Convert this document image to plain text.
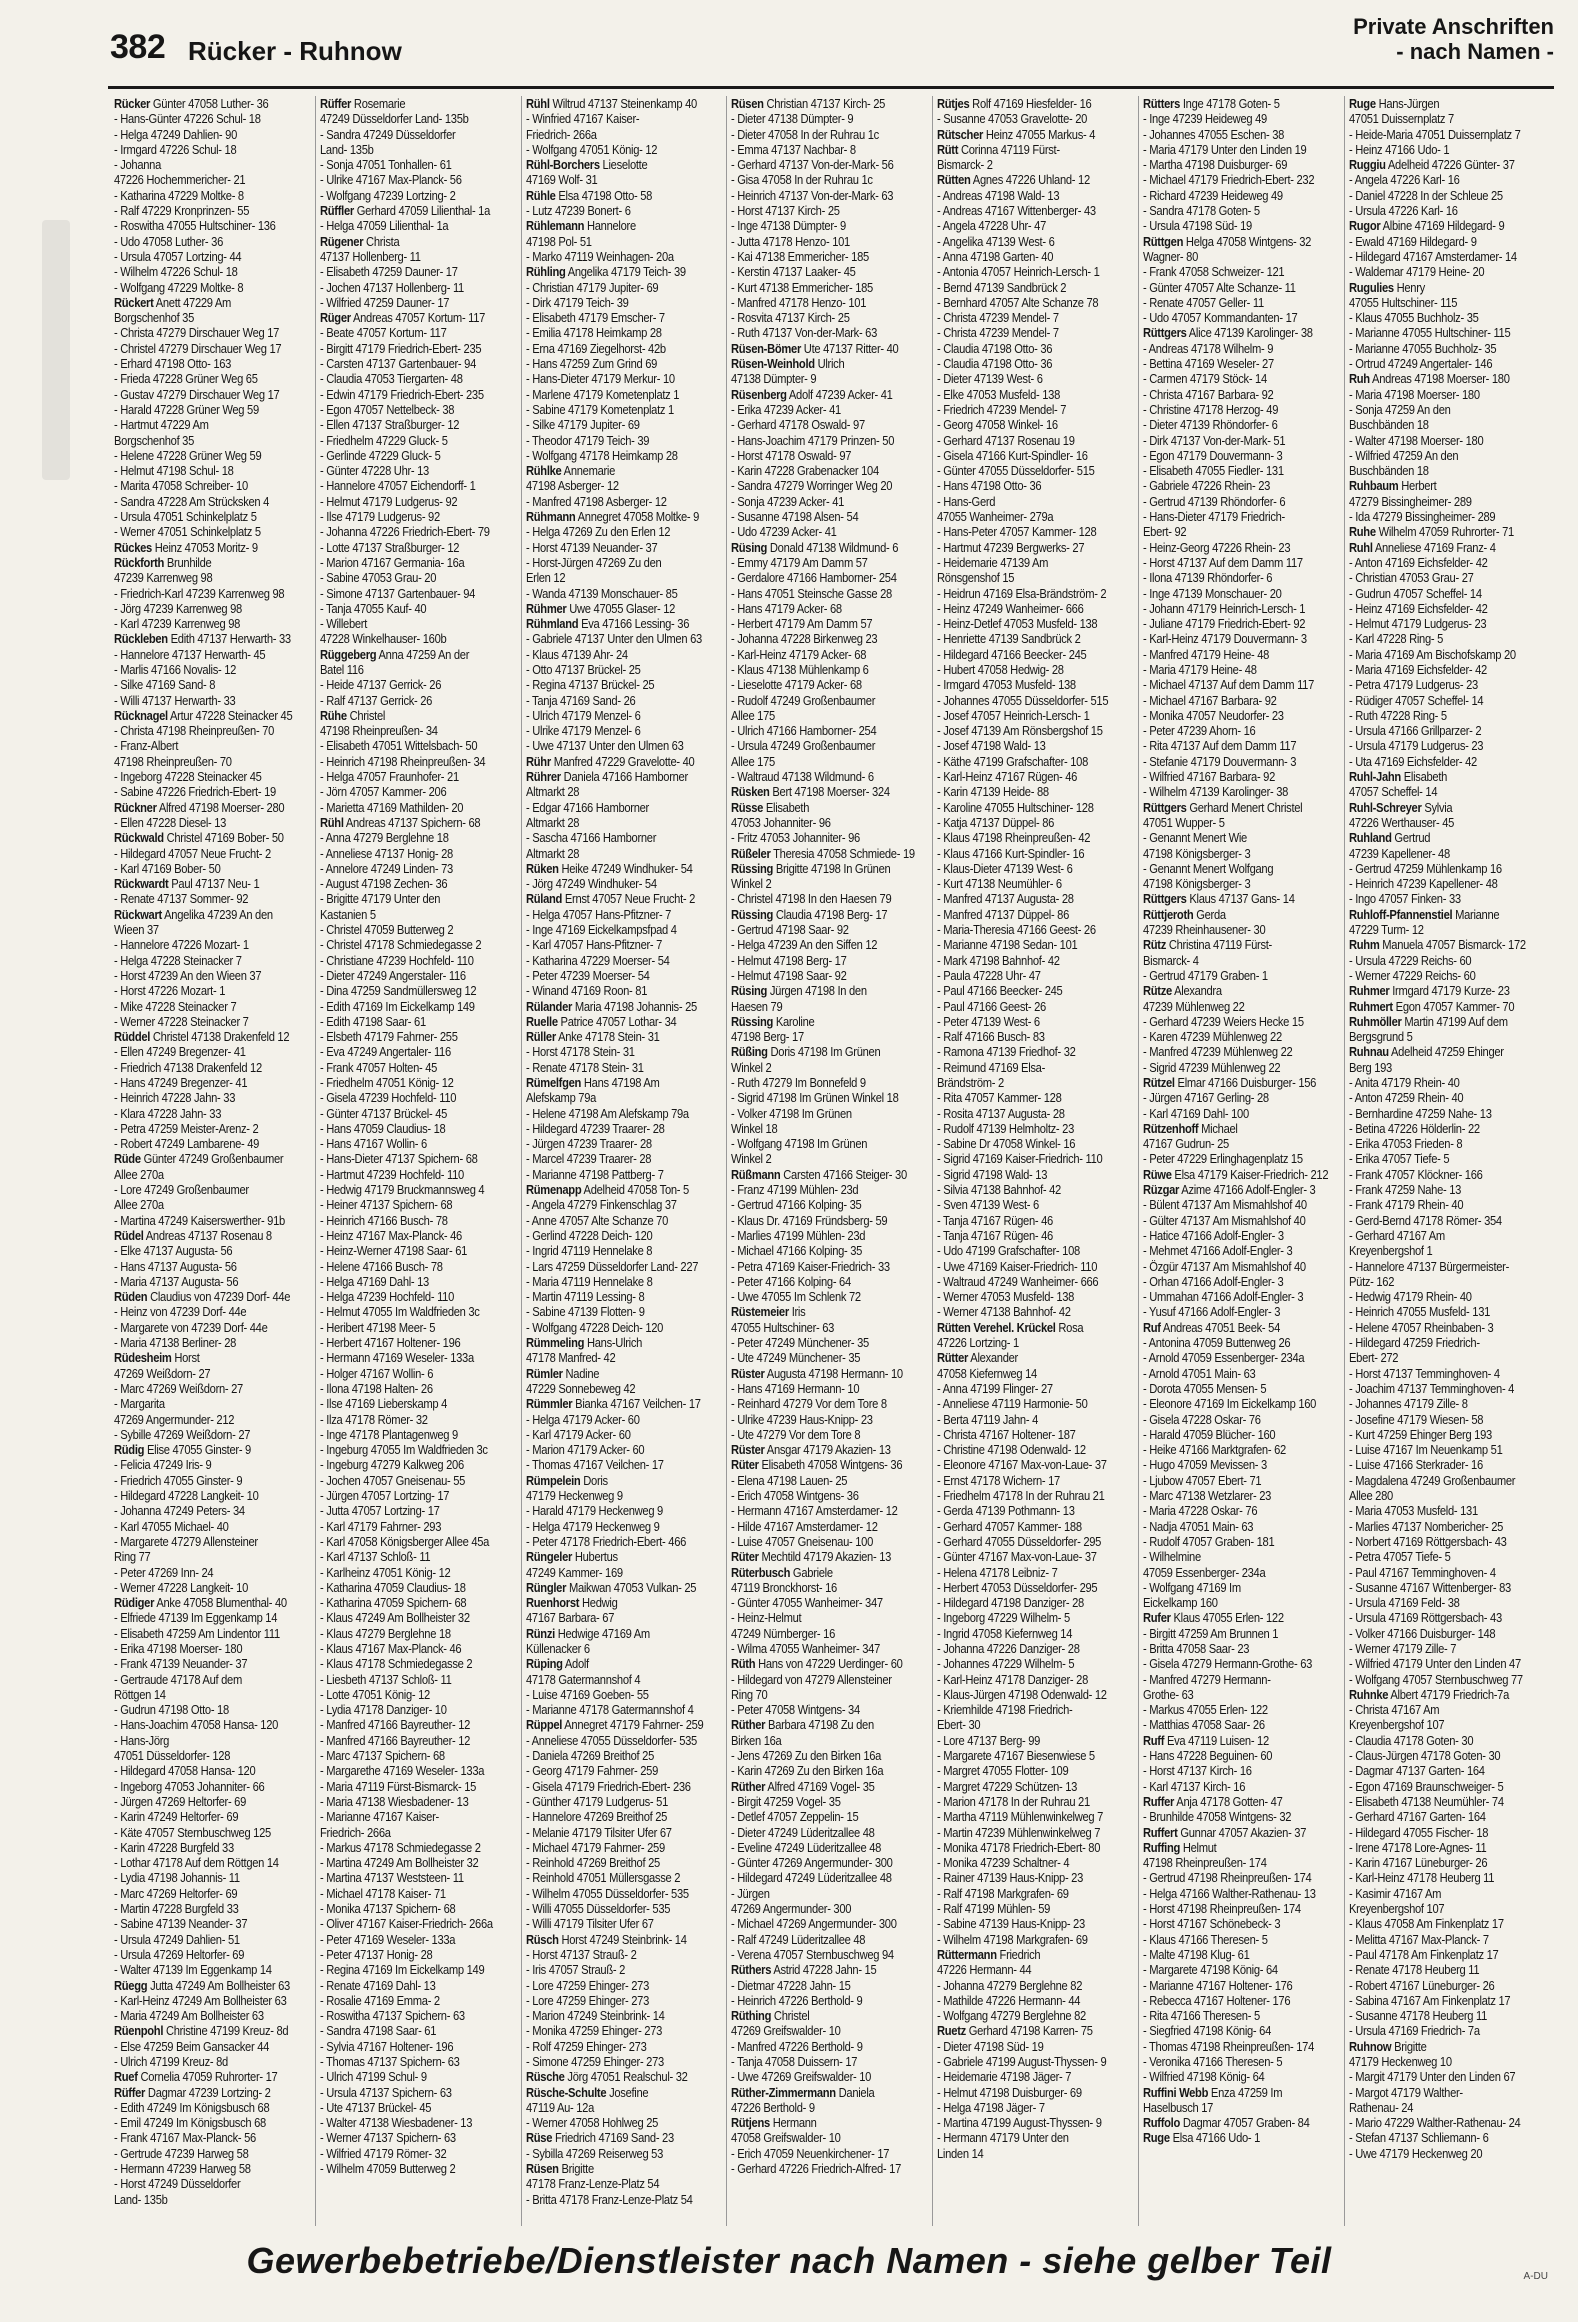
382 Rücker - Ruhnow
Private Anschriften
- nach Namen -
Rücker Günter 47058 Luther- 36
- Hans-Günter 47226 Schul- 18
- Helga 47249 Dahlien- 90
- Irmgard 47226 Schul- 18
- Johanna
47226 Hochemmericher- 21
- Katharina 47229 Moltke- 8
- Ralf 47229 Kronprinzen- 55
- Roswitha 47055 Hultschiner- 136
- Udo 47058 Luther- 36
- Ursula 47057 Lortzing- 44
- Wilhelm 47226 Schul- 18
- Wolfgang 47229 Moltke- 8
Rückert Anett 47229 Am
Borgschenhof 35
- Christa 47279 Dirschauer Weg 17
- Christel 47279 Dirschauer Weg 17
- Erhard 47198 Otto- 163
- Frieda 47228 Grüner Weg 65
- Gustav 47279 Dirschauer Weg 17
- Harald 47228 Grüner Weg 59
- Hartmut 47229 Am
Borgschenhof 35
- Helene 47228 Grüner Weg 59
- Helmut 47198 Schul- 18
- Marita 47058 Schreiber- 10
- Sandra 47228 Am Strücksken 4
- Ursula 47051 Schinkelplatz 5
- Werner 47051 Schinkelplatz 5
Rückes Heinz 47053 Moritz- 9
Rückforth Brunhilde
47239 Karrenweg 98
- Friedrich-Karl 47239 Karrenweg 98
- Jörg 47239 Karrenweg 98
- Karl 47239 Karrenweg 98
Rückleben Edith 47137 Herwarth- 33
- Hannelore 47137 Herwarth- 45
- Marlis 47166 Novalis- 12
- Silke 47169 Sand- 8
- Willi 47137 Herwarth- 33
Rücknagel Artur 47228 Steinacker 45
- Christa 47198 Rheinpreußen- 70
- Franz-Albert
47198 Rheinpreußen- 70
- Ingeborg 47228 Steinacker 45
- Sabine 47226 Friedrich-Ebert- 19
Rückner Alfred 47198 Moerser- 280
- Ellen 47228 Diesel- 13
Rückwald Christel 47169 Bober- 50
- Hildegard 47057 Neue Frucht- 2
- Karl 47169 Bober- 50
Rückwardt Paul 47137 Neu- 1
- Renate 47137 Sommer- 92
Rückwart Angelika 47239 An den
Wieen 37
- Hannelore 47226 Mozart- 1
- Helga 47228 Steinacker 7
- Horst 47239 An den Wieen 37
- Horst 47226 Mozart- 1
- Mike 47228 Steinacker 7
- Werner 47228 Steinacker 7
Rüddel Christel 47138 Drakenfeld 12
- Ellen 47249 Bregenzer- 41
- Friedrich 47138 Drakenfeld 12
- Hans 47249 Bregenzer- 41
- Heinrich 47228 Jahn- 33
- Klara 47228 Jahn- 33
- Petra 47259 Meister-Arenz- 2
- Robert 47249 Lambarene- 49
Rüde Günter 47249 Großenbaumer
Allee 270a
- Lore 47249 Großenbaumer
Allee 270a
- Martina 47249 Kaiserswerther- 91b
Rüdel Andreas 47137 Rosenau 8
- Elke 47137 Augusta- 56
- Hans 47137 Augusta- 56
- Maria 47137 Augusta- 56
Rüden Claudius von 47239 Dorf- 44e
- Heinz von 47239 Dorf- 44e
- Margarete von 47239 Dorf- 44e
- Maria 47138 Berliner- 28
Rüdesheim Horst
47269 Weißdorn- 27
- Marc 47269 Weißdorn- 27
- Margarita
47269 Angermunder- 212
- Sybille 47269 Weißdorn- 27
Rüdig Elise 47055 Ginster- 9
- Felicia 47249 Iris- 9
- Friedrich 47055 Ginster- 9
- Hildegard 47228 Langkeit- 10
- Johanna 47249 Peters- 34
- Karl 47055 Michael- 40
- Margarete 47279 Allensteiner
Ring 77
- Peter 47269 Inn- 24
- Werner 47228 Langkeit- 10
Rüdiger Anke 47058 Blumenthal- 40
- Elfriede 47139 Im Eggenkamp 14
- Elisabeth 47259 Am Lindentor 111
- Erika 47198 Moerser- 180
- Frank 47139 Neuander- 37
- Gertraude 47178 Auf dem
Röttgen 14
- Gudrun 47198 Otto- 18
- Hans-Joachim 47058 Hansa- 120
- Hans-Jörg
47051 Düsseldorfer- 128
- Hildegard 47058 Hansa- 120
- Ingeborg 47053 Johanniter- 66
- Jürgen 47269 Heltorfer- 69
- Karin 47249 Heltorfer- 69
- Käte 47057 Sternbuschweg 125
- Karin 47228 Burgfeld 33
- Lothar 47178 Auf dem Röttgen 14
- Lydia 47198 Johannis- 11
- Marc 47269 Heltorfer- 69
- Martin 47228 Burgfeld 33
- Sabine 47139 Neander- 37
- Ursula 47249 Dahlien- 51
- Ursula 47269 Heltorfer- 69
- Walter 47139 Im Eggenkamp 14
Rüegg Jutta 47249 Am Bollheister 63
- Karl-Heinz 47249 Am Bollheister 63
- Maria 47249 Am Bollheister 63
Rüenpohl Christine 47199 Kreuz- 8d
- Else 47259 Beim Gansacker 44
- Ulrich 47199 Kreuz- 8d
Ruef Cornelia 47059 Ruhrorter- 17
Rüffer Dagmar 47239 Lortzing- 2
- Edith 47249 Im Königsbusch 68
- Emil 47249 Im Königsbusch 68
- Frank 47167 Max-Planck- 56
- Gertrude 47239 Harweg 58
- Hermann 47239 Harweg 58
- Horst 47249 Düsseldorfer
Land- 135b
Rüffer Rosemarie
47249 Düsseldorfer Land- 135b
- Sandra 47249 Düsseldorfer
Land- 135b
- Sonja 47051 Tonhallen- 61
- Ulrike 47167 Max-Planck- 56
- Wolfgang 47239 Lortzing- 2
Rüffler Gerhard 47059 Lilienthal- 1a
- Helga 47059 Lilienthal- 1a
Rügener Christa
47137 Hollenberg- 11
- Elisabeth 47259 Dauner- 17
- Jochen 47137 Hollenberg- 11
- Wilfried 47259 Dauner- 17
Rüger Andreas 47057 Kortum- 117
- Beate 47057 Kortum- 117
- Birgitt 47179 Friedrich-Ebert- 235
- Carsten 47137 Gartenbauer- 94
- Claudia 47053 Tiergarten- 48
- Edwin 47179 Friedrich-Ebert- 235
- Egon 47057 Nettelbeck- 38
- Ellen 47137 Straßburger- 12
- Friedhelm 47229 Gluck- 5
- Gerlinde 47229 Gluck- 5
- Günter 47228 Uhr- 13
- Hannelore 47057 Eichendorff- 1
- Helmut 47179 Ludgerus- 92
- Ilse 47179 Ludgerus- 92
- Johanna 47226 Friedrich-Ebert- 79
- Lotte 47137 Straßburger- 12
- Marion 47167 Germania- 16a
- Sabine 47053 Grau- 20
- Simone 47137 Gartenbauer- 94
- Tanja 47055 Kauf- 40
- Willebert
47228 Winkelhauser- 160b
Rüggeberg Anna 47259 An der
Batel 116
- Heide 47137 Gerrick- 26
- Ralf 47137 Gerrick- 26
Rühe Christel
47198 Rheinpreußen- 34
- Elisabeth 47051 Wittelsbach- 50
- Heinrich 47198 Rheinpreußen- 34
- Helga 47057 Fraunhofer- 21
- Jörn 47057 Kammer- 206
- Marietta 47169 Mathilden- 20
Rühl Andreas 47137 Spichern- 68
- Anna 47279 Berglehne 18
- Anneliese 47137 Honig- 28
- Annelore 47249 Linden- 73
- August 47198 Zechen- 36
- Brigitte 47179 Unter den
Kastanien 5
- Christel 47059 Butterweg 2
- Christel 47178 Schmiedegasse 2
- Christiane 47239 Hochfeld- 110
- Dieter 47249 Angerstaler- 116
- Dina 47259 Sandmüllersweg 12
- Edith 47169 Im Eickelkamp 149
- Edith 47198 Saar- 61
- Elsbeth 47179 Fahrner- 255
- Eva 47249 Angertaler- 116
- Frank 47057 Holten- 45
- Friedhelm 47051 König- 12
- Gisela 47239 Hochfeld- 110
- Günter 47137 Brückel- 45
- Hans 47059 Claudius- 18
- Hans 47167 Wollin- 6
- Hans-Dieter 47137 Spichern- 68
- Hartmut 47239 Hochfeld- 110
- Hedwig 47179 Bruckmannsweg 4
- Heiner 47137 Spichern- 68
- Heinrich 47166 Busch- 78
- Heinz 47167 Max-Planck- 46
- Heinz-Werner 47198 Saar- 61
- Helene 47166 Busch- 78
- Helga 47169 Dahl- 13
- Helga 47239 Hochfeld- 110
- Helmut 47055 Im Waldfrieden 3c
- Heribert 47198 Meer- 5
- Herbert 47167 Holtener- 196
- Hermann 47169 Weseler- 133a
- Holger 47167 Wollin- 6
- Ilona 47198 Halten- 26
- Ilse 47169 Lieberskamp 4
- Ilza 47178 Römer- 32
- Inge 47178 Plantagenweg 9
- Ingeburg 47055 Im Waldfrieden 3c
- Ingeburg 47279 Kalkweg 206
- Jochen 47057 Gneisenau- 55
- Jürgen 47057 Lortzing- 17
- Jutta 47057 Lortzing- 17
- Karl 47179 Fahrner- 293
- Karl 47058 Königsberger Allee 45a
- Karl 47137 Schloß- 11
- Karlheinz 47051 König- 12
- Katharina 47059 Claudius- 18
- Katharina 47059 Spichern- 68
- Klaus 47249 Am Bollheister 32
- Klaus 47279 Berglehne 18
- Klaus 47167 Max-Planck- 46
- Klaus 47178 Schmiedegasse 2
- Liesbeth 47137 Schloß- 11
- Lotte 47051 König- 12
- Lydia 47178 Danziger- 10
- Manfred 47166 Bayreuther- 12
- Manfred 47166 Bayreuther- 12
- Marc 47137 Spichern- 68
- Margarethe 47169 Weseler- 133a
- Maria 47119 Fürst-Bismarck- 15
- Maria 47138 Wiesbadener- 13
- Marianne 47167 Kaiser-
Friedrich- 266a
- Markus 47178 Schmiedegasse 2
- Martina 47249 Am Bollheister 32
- Martina 47137 Weststeen- 11
- Michael 47178 Kaiser- 71
- Monika 47137 Spichern- 68
- Oliver 47167 Kaiser-Friedrich- 266a
- Peter 47169 Weseler- 133a
- Peter 47137 Honig- 28
- Regina 47169 Im Eickelkamp 149
- Renate 47169 Dahl- 13
- Rosalie 47169 Emma- 2
- Roswitha 47137 Spichern- 63
- Sandra 47198 Saar- 61
- Sylvia 47167 Holtener- 196
- Thomas 47137 Spichern- 63
- Ulrich 47199 Schul- 9
- Ursula 47137 Spichern- 63
- Ute 47137 Brückel- 45
- Walter 47138 Wiesbadener- 13
- Werner 47137 Spichern- 63
- Wilfried 47179 Römer- 32
- Wilhelm 47059 Butterweg 2
Rühl Wiltrud 47137 Steinenkamp 40
- Winfried 47167 Kaiser-
Friedrich- 266a
- Wolfgang 47051 König- 12
Rühl-Borchers Lieselotte
47169 Wolf- 31
Rühle Elsa 47198 Otto- 58
- Lutz 47239 Bonert- 6
Rühlemann Hannelore
47198 Pol- 51
- Marko 47119 Weinhagen- 20a
Rühling Angelika 47179 Teich- 39
- Christian 47179 Jupiter- 69
- Dirk 47179 Teich- 39
- Elisabeth 47179 Emscher- 7
- Emilia 47178 Heimkamp 28
- Erna 47169 Ziegelhorst- 42b
- Hans 47259 Zum Grind 69
- Hans-Dieter 47179 Merkur- 10
- Marlene 47179 Kometenplatz 1
- Sabine 47179 Kometenplatz 1
- Silke 47179 Jupiter- 69
- Theodor 47179 Teich- 39
- Wolfgang 47178 Heimkamp 28
Rühlke Annemarie
47198 Asberger- 12
- Manfred 47198 Asberger- 12
Rühmann Annegret 47058 Moltke- 9
- Helga 47269 Zu den Erlen 12
- Horst 47139 Neuander- 37
- Horst-Jürgen 47269 Zu den
Erlen 12
- Wanda 47139 Monschauer- 85
Rühmer Uwe 47055 Glaser- 12
Rühmland Eva 47166 Lessing- 36
- Gabriele 47137 Unter den Ulmen 63
- Klaus 47139 Ahr- 24
- Otto 47137 Brückel- 25
- Regina 47137 Brückel- 25
- Tanja 47169 Sand- 26
- Ulrich 47179 Menzel- 6
- Ulrike 47179 Menzel- 6
- Uwe 47137 Unter den Ulmen 63
Rühr Manfred 47229 Gravelotte- 40
Rührer Daniela 47166 Hamborner
Altmarkt 28
- Edgar 47166 Hamborner
Altmarkt 28
- Sascha 47166 Hamborner
Altmarkt 28
Rüken Heike 47249 Windhuker- 54
- Jörg 47249 Windhuker- 54
Rüland Ernst 47057 Neue Frucht- 2
- Helga 47057 Hans-Pfitzner- 7
- Inge 47169 Eickelkampsfpad 4
- Karl 47057 Hans-Pfitzner- 7
- Katharina 47229 Moerser- 54
- Peter 47239 Moerser- 54
- Winand 47169 Roon- 81
Rülander Maria 47198 Johannis- 25
Ruelle Patrice 47057 Lothar- 34
Rüller Anke 47178 Stein- 31
- Horst 47178 Stein- 31
- Renate 47178 Stein- 31
Rümelfgen Hans 47198 Am
Alefskamp 79a
- Helene 47198 Am Alefskamp 79a
- Hildegard 47239 Traarer- 28
- Jürgen 47239 Traarer- 28
- Marcel 47239 Traarer- 28
- Marianne 47198 Pattberg- 7
Rümenapp Adelheid 47058 Ton- 5
- Angela 47279 Finkenschlag 37
- Anne 47057 Alte Schanze 70
- Gerlind 47228 Deich- 120
- Ingrid 47119 Hennelake 8
- Lars 47259 Düsseldorfer Land- 227
- Maria 47119 Hennelake 8
- Martin 47119 Lessing- 8
- Sabine 47139 Flotten- 9
- Wolfgang 47228 Deich- 120
Rümmeling Hans-Ulrich
47178 Manfred- 42
Rümler Nadine
47229 Sonnebeweg 42
Rümmler Bianka 47167 Veilchen- 17
- Helga 47179 Acker- 60
- Karl 47179 Acker- 60
- Marion 47179 Acker- 60
- Thomas 47167 Veilchen- 17
Rümpelein Doris
47179 Heckenweg 9
- Harald 47179 Heckenweg 9
- Helga 47179 Heckenweg 9
- Peter 47178 Friedrich-Ebert- 466
Rüngeler Hubertus
47249 Kammer- 169
Rüngler Maikwan 47053 Vulkan- 25
Ruenhorst Hedwig
47167 Barbara- 67
Rünzi Hedwige 47169 Am
Küllenacker 6
Rüping Adolf
47178 Gatermannshof 4
- Luise 47169 Goeben- 55
- Marianne 47178 Gatermannshof 4
Rüppel Annegret 47179 Fahrner- 259
- Anneliese 47055 Düsseldorfer- 535
- Daniela 47269 Breithof 25
- Georg 47179 Fahrner- 259
- Gisela 47179 Friedrich-Ebert- 236
- Günther 47179 Ludgerus- 51
- Hannelore 47269 Breithof 25
- Melanie 47179 Tilsiter Ufer 67
- Michael 47179 Fahrner- 259
- Reinhold 47269 Breithof 25
- Reinhold 47051 Müllersgasse 2
- Wilhelm 47055 Düsseldorfer- 535
- Willi 47055 Düsseldorfer- 535
- Willi 47179 Tilsiter Ufer 67
Rüsch Horst 47249 Steinbrink- 14
- Horst 47137 Strauß- 2
- Iris 47057 Strauß- 2
- Lore 47259 Ehinger- 273
- Lore 47259 Ehinger- 273
- Marion 47249 Steinbrink- 14
- Monika 47259 Ehinger- 273
- Rolf 47259 Ehinger- 273
- Simone 47259 Ehinger- 273
Rüsche Jörg 47051 Realschul- 32
Rüsche-Schulte Josefine
47119 Au- 12a
- Werner 47058 Hohlweg 25
Rüse Friedrich 47169 Sand- 23
- Sybilla 47269 Reiserweg 53
Rüsen Brigitte
47178 Franz-Lenze-Platz 54
- Britta 47178 Franz-Lenze-Platz 54
Rüsen Christian 47137 Kirch- 25
- Dieter 47138 Dümpter- 9
- Dieter 47058 In der Ruhrau 1c
- Emma 47137 Nachbar- 8
- Gerhard 47137 Von-der-Mark- 56
- Gisa 47058 In der Ruhrau 1c
- Heinrich 47137 Von-der-Mark- 63
- Horst 47137 Kirch- 25
- Inge 47138 Dümpter- 9
- Jutta 47178 Henzo- 101
- Kai 47138 Emmericher- 185
- Kerstin 47137 Laaker- 45
- Kurt 47138 Emmericher- 185
- Manfred 47178 Henzo- 101
- Rosvita 47137 Kirch- 25
- Ruth 47137 Von-der-Mark- 63
Rüsen-Bömer Ute 47137 Ritter- 40
Rüsen-Weinhold Ulrich
47138 Dümpter- 9
Rüsenberg Adolf 47239 Acker- 41
- Erika 47239 Acker- 41
- Gerhard 47178 Oswald- 97
- Hans-Joachim 47179 Prinzen- 50
- Horst 47178 Oswald- 97
- Karin 47228 Grabenacker 104
- Sandra 47279 Worringer Weg 20
- Sonja 47239 Acker- 41
- Susanne 47198 Alsen- 54
- Udo 47239 Acker- 41
Rüsing Donald 47138 Wildmund- 6
- Emmy 47179 Am Damm 57
- Gerdalore 47166 Hamborner- 254
- Hans 47051 Steinsche Gasse 28
- Hans 47179 Acker- 68
- Herbert 47179 Am Damm 57
- Johanna 47228 Birkenweg 23
- Karl-Heinz 47179 Acker- 68
- Klaus 47138 Mühlenkamp 6
- Lieselotte 47179 Acker- 68
- Rudolf 47249 Großenbaumer
Allee 175
- Ulrich 47166 Hamborner- 254
- Ursula 47249 Großenbaumer
Allee 175
- Waltraud 47138 Wildmund- 6
Rüsken Bert 47198 Moerser- 324
Rüsse Elisabeth
47053 Johanniter- 96
- Fritz 47053 Johanniter- 96
Rüßeler Theresia 47058 Schmiede- 19
Rüssing Brigitte 47198 In Grünen
Winkel 2
- Christel 47198 In den Haesen 79
Rüssing Claudia 47198 Berg- 17
- Gertrud 47198 Saar- 92
- Helga 47239 An den Siffen 12
- Helmut 47198 Berg- 17
- Helmut 47198 Saar- 92
Rüsing Jürgen 47198 In den
Haesen 79
Rüssing Karoline
47198 Berg- 17
Rüßing Doris 47198 Im Grünen
Winkel 2
- Ruth 47279 Im Bonnefeld 9
- Sigrid 47198 Im Grünen Winkel 18
- Volker 47198 Im Grünen
Winkel 18
- Wolfgang 47198 Im Grünen
Winkel 2
Rüßmann Carsten 47166 Steiger- 30
- Franz 47199 Mühlen- 23d
- Gertrud 47166 Kolping- 35
- Klaus Dr. 47169 Fründsberg- 59
- Marlies 47199 Mühlen- 23d
- Michael 47166 Kolping- 35
- Petra 47169 Kaiser-Friedrich- 33
- Peter 47166 Kolping- 64
- Uwe 47055 Im Schlenk 72
Rüstemeier Iris
47055 Hultschiner- 63
- Peter 47249 Münchener- 35
- Ute 47249 Münchener- 35
Rüster Augusta 47198 Hermann- 10
- Hans 47169 Hermann- 10
- Reinhard 47279 Vor dem Tore 8
- Ulrike 47239 Haus-Knipp- 23
- Ute 47279 Vor dem Tore 8
Rüster Ansgar 47179 Akazien- 13
Rüter Elisabeth 47058 Wintgens- 36
- Elena 47198 Lauen- 25
- Erich 47058 Wintgens- 36
- Hermann 47167 Amsterdamer- 12
- Hilde 47167 Amsterdamer- 12
- Luise 47057 Gneisenau- 100
Rüter Mechtild 47179 Akazien- 13
Rüterbusch Gabriele
47119 Bronckhorst- 16
- Günter 47055 Wanheimer- 347
- Heinz-Helmut
47249 Nürnberger- 16
- Wilma 47055 Wanheimer- 347
Rüth Hans von 47229 Uerdinger- 60
- Hildegard von 47279 Allensteiner
Ring 70
- Peter 47058 Wintgens- 34
Rüther Barbara 47198 Zu den
Birken 16a
- Jens 47269 Zu den Birken 16a
- Karin 47269 Zu den Birken 16a
Rüther Alfred 47169 Vogel- 35
- Birgit 47259 Vogel- 35
- Detlef 47057 Zeppelin- 15
- Dieter 47249 Lüderitzallee 48
- Eveline 47249 Lüderitzallee 48
- Günter 47269 Angermunder- 300
- Hildegard 47249 Lüderitzallee 48
- Jürgen
47269 Angermunder- 300
- Michael 47269 Angermunder- 300
- Ralf 47249 Lüderitzallee 48
- Verena 47057 Sternbuschweg 94
Rüthers Astrid 47228 Jahn- 15
- Dietmar 47228 Jahn- 15
- Heinrich 47226 Berthold- 9
Rüthing Christel
47269 Greifswalder- 10
- Manfred 47226 Berthold- 9
- Tanja 47058 Duissern- 17
- Uwe 47269 Greifswalder- 10
Rüther-Zimmermann Daniela
47226 Berthold- 9
Rütjens Hermann
47058 Greifswalder- 10
- Erich 47059 Neuenkirchener- 17
- Gerhard 47226 Friedrich-Alfred- 17
Rütjes Rolf 47169 Hiesfelder- 16
- Susanne 47053 Gravelotte- 20
Rütscher Heinz 47055 Markus- 4
Rütt Corinna 47119 Fürst-
Bismarck- 2
Rütten Agnes 47226 Uhland- 12
- Andreas 47198 Wald- 13
- Andreas 47167 Wittenberger- 43
- Angela 47228 Uhr- 47
- Angelika 47139 West- 6
- Anna 47198 Garten- 40
- Antonia 47057 Heinrich-Lersch- 1
- Bernd 47139 Sandbrück 2
- Bernhard 47057 Alte Schanze 78
- Christa 47239 Mendel- 7
- Christa 47239 Mendel- 7
- Claudia 47198 Otto- 36
- Claudia 47198 Otto- 36
- Dieter 47139 West- 6
- Elke 47053 Musfeld- 138
- Friedrich 47239 Mendel- 7
- Georg 47058 Winkel- 16
- Gerhard 47137 Rosenau 19
- Gisela 47166 Kurt-Spindler- 16
- Günter 47055 Düsseldorfer- 515
- Hans 47198 Otto- 36
- Hans-Gerd
47055 Wanheimer- 279a
- Hans-Peter 47057 Kammer- 128
- Hartmut 47239 Bergwerks- 27
- Heidemarie 47139 Am
Rönsgenshof 15
- Heidrun 47169 Elsa-Brändström- 2
- Heinz 47249 Wanheimer- 666
- Heinz-Detlef 47053 Musfeld- 138
- Henriette 47139 Sandbrück 2
- Hildegard 47166 Beecker- 245
- Hubert 47058 Hedwig- 28
- Irmgard 47053 Musfeld- 138
- Johannes 47055 Düsseldorfer- 515
- Josef 47057 Heinrich-Lersch- 1
- Josef 47139 Am Rönsbergshof 15
- Josef 47198 Wald- 13
- Käthe 47199 Grafschafter- 108
- Karl-Heinz 47167 Rügen- 46
- Karin 47139 Heide- 88
- Karoline 47055 Hultschiner- 128
- Katja 47137 Düppel- 86
- Klaus 47198 Rheinpreußen- 42
- Klaus 47166 Kurt-Spindler- 16
- Klaus-Dieter 47139 West- 6
- Kurt 47138 Neumühler- 6
- Manfred 47137 Augusta- 28
- Manfred 47137 Düppel- 86
- Maria-Theresia 47166 Geest- 26
- Marianne 47198 Sedan- 101
- Mark 47198 Bahnhof- 42
- Paula 47228 Uhr- 47
- Paul 47166 Beecker- 245
- Paul 47166 Geest- 26
- Peter 47139 West- 6
- Ralf 47166 Busch- 83
- Ramona 47139 Friedhof- 32
- Reimund 47169 Elsa-
Brändström- 2
- Rita 47057 Kammer- 128
- Rosita 47137 Augusta- 28
- Rudolf 47139 Helmholtz- 23
- Sabine Dr 47058 Winkel- 16
- Sigrid 47169 Kaiser-Friedrich- 110
- Sigrid 47198 Wald- 13
- Silvia 47138 Bahnhof- 42
- Sven 47139 West- 6
- Tanja 47167 Rügen- 46
- Tanja 47167 Rügen- 46
- Udo 47199 Grafschafter- 108
- Uwe 47169 Kaiser-Friedrich- 110
- Waltraud 47249 Wanheimer- 666
- Werner 47053 Musfeld- 138
- Werner 47138 Bahnhof- 42
Rütten Verehel. Krückel Rosa
47226 Lortzing- 1
Rütter Alexander
47058 Kiefernweg 14
- Anna 47199 Flinger- 27
- Anneliese 47119 Harmonie- 50
- Berta 47119 Jahn- 4
- Christa 47167 Holtener- 187
- Christine 47198 Odenwald- 12
- Eleonore 47167 Max-von-Laue- 37
- Ernst 47178 Wichern- 17
- Friedhelm 47178 In der Ruhrau 21
- Gerda 47139 Pothmann- 13
- Gerhard 47057 Kammer- 188
- Gerhard 47055 Düsseldorfer- 295
- Günter 47167 Max-von-Laue- 37
- Helena 47178 Leibniz- 7
- Herbert 47053 Düsseldorfer- 295
- Hildegard 47198 Danziger- 28
- Ingeborg 47229 Wilhelm- 5
- Ingrid 47058 Kiefernweg 14
- Johanna 47226 Danziger- 28
- Johannes 47229 Wilhelm- 5
- Karl-Heinz 47178 Danziger- 28
- Klaus-Jürgen 47198 Odenwald- 12
- Kriemhilde 47198 Friedrich-
Ebert- 30
- Lore 47137 Berg- 99
- Margarete 47167 Biesenwiese 5
- Margret 47055 Flotter- 109
- Margret 47229 Schützen- 13
- Marion 47178 In der Ruhrau 21
- Martha 47119 Mühlenwinkelweg 7
- Martin 47239 Mühlenwinkelweg 7
- Monika 47178 Friedrich-Ebert- 80
- Monika 47239 Schaltner- 4
- Rainer 47139 Haus-Knipp- 23
- Ralf 47198 Markgrafen- 69
- Ralf 47199 Mühlen- 59
- Sabine 47139 Haus-Knipp- 23
- Wilhelm 47198 Markgrafen- 69
Rüttermann Friedrich
47226 Hermann- 44
- Johanna 47279 Berglehne 82
- Mathilde 47226 Hermann- 44
- Wolfgang 47279 Berglehne 82
Ruetz Gerhard 47198 Karren- 75
- Dieter 47198 Süd- 19
- Gabriele 47199 August-Thyssen- 9
- Heidemarie 47198 Jäger- 7
- Helmut 47198 Duisburger- 69
- Helga 47198 Jäger- 7
- Martina 47199 August-Thyssen- 9
- Hermann 47179 Unter den
Linden 14
Rütters Inge 47178 Goten- 5
- Inge 47239 Heideweg 49
- Johannes 47055 Eschen- 38
- Maria 47179 Unter den Linden 19
- Martha 47198 Duisburger- 69
- Michael 47179 Friedrich-Ebert- 232
- Richard 47239 Heideweg 49
- Sandra 47178 Goten- 5
- Ursula 47198 Süd- 19
Rüttgen Helga 47058 Wintgens- 32
Wagner- 80
- Frank 47058 Schweizer- 121
- Günter 47057 Alte Schanze- 11
- Renate 47057 Geller- 11
- Udo 47057 Kommandanten- 17
Rüttgers Alice 47139 Karolinger- 38
- Andreas 47178 Wilhelm- 9
- Bettina 47169 Weseler- 27
- Carmen 47179 Stöck- 14
- Christa 47167 Barbara- 92
- Christine 47178 Herzog- 49
- Dieter 47139 Rhöndorfer- 6
- Dirk 47137 Von-der-Mark- 51
- Egon 47179 Douvermann- 3
- Elisabeth 47055 Fiedler- 131
- Gabriele 47226 Rhein- 23
- Gertrud 47139 Rhöndorfer- 6
- Hans-Dieter 47179 Friedrich-
Ebert- 92
- Heinz-Georg 47226 Rhein- 23
- Horst 47137 Auf dem Damm 117
- Ilona 47139 Rhöndorfer- 6
- Inge 47139 Monschauer- 20
- Johann 47179 Heinrich-Lersch- 1
- Juliane 47179 Friedrich-Ebert- 92
- Karl-Heinz 47179 Douvermann- 3
- Manfred 47179 Heine- 48
- Maria 47179 Heine- 48
- Michael 47137 Auf dem Damm 117
- Michael 47167 Barbara- 92
- Monika 47057 Neudorfer- 23
- Peter 47239 Ahorn- 16
- Rita 47137 Auf dem Damm 117
- Stefanie 47179 Douvermann- 3
- Wilfried 47167 Barbara- 92
- Wilhelm 47139 Karolinger- 38
Rüttgers Gerhard Menert Christel
47051 Wupper- 5
- Genannt Menert Wie
47198 Königsberger- 3
- Genannt Menert Wolfgang
47198 Königsberger- 3
Rüttgers Klaus 47137 Gans- 14
Rüttjeroth Gerda
47239 Rheinhausener- 30
Rütz Christina 47119 Fürst-
Bismarck- 4
- Gertrud 47179 Graben- 1
Rütze Alexandra
47239 Mühlenweg 22
- Gerhard 47239 Weiers Hecke 15
- Karen 47239 Mühlenweg 22
- Manfred 47239 Mühlenweg 22
- Sigrid 47239 Mühlenweg 22
Rützel Elmar 47166 Duisburger- 156
- Jürgen 47167 Gerling- 28
- Karl 47169 Dahl- 100
Rützenhoff Michael
47167 Gudrun- 25
- Peter 47229 Erlinghagenplatz 15
Rüwe Elsa 47179 Kaiser-Friedrich- 212
Rüzgar Azime 47166 Adolf-Engler- 3
- Bülent 47137 Am Mismahlshof 40
- Gülter 47137 Am Mismahlshof 40
- Hatice 47166 Adolf-Engler- 3
- Mehmet 47166 Adolf-Engler- 3
- Özgür 47137 Am Mismahlshof 40
- Orhan 47166 Adolf-Engler- 3
- Ummahan 47166 Adolf-Engler- 3
- Yusuf 47166 Adolf-Engler- 3
Ruf Andreas 47051 Beek- 54
- Antonina 47059 Buttenweg 26
- Arnold 47059 Essenberger- 234a
- Arnold 47051 Main- 63
- Dorota 47055 Mensen- 5
- Eleonore 47169 Im Eickelkamp 160
- Gisela 47228 Oskar- 76
- Harald 47059 Blücher- 160
- Heike 47166 Marktgrafen- 62
- Hugo 47059 Mevissen- 3
- Ljubow 47057 Ebert- 71
- Marc 47138 Wetzlarer- 23
- Maria 47228 Oskar- 76
- Nadja 47051 Main- 63
- Rudolf 47057 Graben- 181
- Wilhelmine
47059 Essenberger- 234a
- Wolfgang 47169 Im
Eickelkamp 160
Rufer Klaus 47055 Erlen- 122
- Birgitt 47259 Am Brunnen 1
- Britta 47058 Saar- 23
- Gisela 47279 Hermann-Grothe- 63
- Manfred 47279 Hermann-
Grothe- 63
- Markus 47055 Erlen- 122
- Matthias 47058 Saar- 26
Ruff Eva 47119 Luisen- 12
- Hans 47228 Beguinen- 60
- Horst 47137 Kirch- 16
- Karl 47137 Kirch- 16
Ruffer Anja 47178 Gotten- 47
- Brunhilde 47058 Wintgens- 32
Ruffert Gunnar 47057 Akazien- 37
Ruffing Helmut
47198 Rheinpreußen- 174
- Gertrud 47198 Rheinpreußen- 174
- Helga 47166 Walther-Rathenau- 13
- Horst 47198 Rheinpreußen- 174
- Horst 47167 Schönebeck- 3
- Klaus 47166 Theresen- 5
- Malte 47198 Klug- 61
- Margarete 47198 König- 64
- Marianne 47167 Holtener- 176
- Rebecca 47167 Holtener- 176
- Rita 47166 Theresen- 5
- Siegfried 47198 König- 64
- Thomas 47198 Rheinpreußen- 174
- Veronika 47166 Theresen- 5
- Wilfried 47198 König- 64
Ruffini Webb Enza 47259 Im
Haselbusch 17
Ruffolo Dagmar 47057 Graben- 84
Ruge Elsa 47166 Udo- 1
Ruge Hans-Jürgen
47051 Duissernplatz 7
- Heide-Maria 47051 Duissernplatz 7
- Heinz 47166 Udo- 1
Ruggiu Adelheid 47226 Günter- 37
- Angela 47226 Karl- 16
- Daniel 47228 In der Schleue 25
- Ursula 47226 Karl- 16
Rugor Albine 47169 Hildegard- 9
- Ewald 47169 Hildegard- 9
- Hildegard 47167 Amsterdamer- 14
- Waldemar 47179 Heine- 20
Rugulies Henry
47055 Hultschiner- 115
- Klaus 47055 Buchholz- 35
- Marianne 47055 Hultschiner- 115
- Marianne 47055 Buchholz- 35
- Ortrud 47249 Angertaler- 146
Ruh Andreas 47198 Moerser- 180
- Maria 47198 Moerser- 180
- Sonja 47259 An den
Buschbänden 18
- Walter 47198 Moerser- 180
- Wilfried 47259 An den
Buschbänden 18
Ruhbaum Herbert
47279 Bissingheimer- 289
- Ida 47279 Bissingheimer- 289
Ruhe Wilhelm 47059 Ruhrorter- 71
Ruhl Anneliese 47169 Franz- 4
- Anton 47169 Eichsfelder- 42
- Christian 47053 Grau- 27
- Gudrun 47057 Scheffel- 14
- Heinz 47169 Eichsfelder- 42
- Helmut 47179 Ludgerus- 23
- Karl 47228 Ring- 5
- Maria 47169 Am Bischofskamp 20
- Maria 47169 Eichsfelder- 42
- Petra 47179 Ludgerus- 23
- Rüdiger 47057 Scheffel- 14
- Ruth 47228 Ring- 5
- Ursula 47166 Grillparzer- 2
- Ursula 47179 Ludgerus- 23
- Uta 47169 Eichsfelder- 42
Ruhl-Jahn Elisabeth
47057 Scheffel- 14
Ruhl-Schreyer Sylvia
47226 Werthauser- 45
Ruhland Gertrud
47239 Kapellener- 48
- Gertrud 47259 Mühlenkamp 16
- Heinrich 47239 Kapellener- 48
- Ingo 47057 Finken- 33
Ruhloff-Pfannenstiel Marianne
47229 Turm- 12
Ruhm Manuela 47057 Bismarck- 172
- Ursula 47229 Reichs- 60
- Werner 47229 Reichs- 60
Ruhmer Irmgard 47179 Kurze- 23
Ruhmert Egon 47057 Kammer- 70
Ruhmöller Martin 47199 Auf dem
Bergsgrund 5
Ruhnau Adelheid 47259 Ehinger
Berg 193
- Anita 47179 Rhein- 40
- Anton 47259 Rhein- 40
- Bernhardine 47259 Nahe- 13
- Betina 47226 Hölderlin- 22
- Erika 47053 Frieden- 8
- Erika 47057 Tiefe- 5
- Frank 47057 Klöckner- 166
- Frank 47259 Nahe- 13
- Frank 47179 Rhein- 40
- Gerd-Bernd 47178 Römer- 354
- Gerhard 47167 Am
Kreyenbergshof 1
- Hannelore 47137 Bürgermeister-
Pütz- 162
- Hedwig 47179 Rhein- 40
- Heinrich 47055 Musfeld- 131
- Helene 47057 Rheinbaben- 3
- Hildegard 47259 Friedrich-
Ebert- 272
- Horst 47137 Temminghoven- 4
- Joachim 47137 Temminghoven- 4
- Johannes 47179 Zille- 8
- Josefine 47179 Wiesen- 58
- Kurt 47259 Ehinger Berg 193
- Luise 47167 Im Neuenkamp 51
- Luise 47166 Sterkrader- 16
- Magdalena 47249 Großenbaumer
Allee 280
- Maria 47053 Musfeld- 131
- Marlies 47137 Nombericher- 25
- Norbert 47169 Röttgersbach- 43
- Petra 47057 Tiefe- 5
- Paul 47167 Temminghoven- 4
- Susanne 47167 Wittenberger- 83
- Ursula 47169 Feld- 38
- Ursula 47169 Röttgersbach- 43
- Volker 47166 Duisburger- 148
- Werner 47179 Zille- 7
- Wilfried 47179 Unter den Linden 47
- Wolfgang 47057 Sternbuschweg 77
Ruhnke Albert 47179 Friedrich-7a
- Christa 47167 Am
Kreyenbergshof 107
- Claudia 47178 Goten- 30
- Claus-Jürgen 47178 Goten- 30
- Dagmar 47137 Garten- 164
- Egon 47169 Braunschweiger- 5
- Elisabeth 47138 Neumühler- 74
- Gerhard 47167 Garten- 164
- Hildegard 47055 Fischer- 18
- Irene 47178 Lore-Agnes- 11
- Karin 47167 Lüneburger- 26
- Karl-Heinz 47178 Heuberg 11
- Kasimir 47167 Am
Kreyenbergshof 107
- Klaus 47058 Am Finkenplatz 17
- Melitta 47167 Max-Planck- 7
- Paul 47178 Am Finkenplatz 17
- Renate 47178 Heuberg 11
- Robert 47167 Lüneburger- 26
- Sabina 47167 Am Finkenplatz 17
- Susanne 47178 Heuberg 11
- Ursula 47169 Friedrich- 7a
Ruhnow Brigitte
47179 Heckenweg 10
- Margit 47179 Unter den Linden 67
- Margot 47179 Walther-
Rathenau- 24
- Mario 47229 Walther-Rathenau- 24
- Stefan 47137 Schliemann- 6
- Uwe 47179 Heckenweg 20
Gewerbebetriebe/Dienstleister nach Namen - siehe gelber Teil	A-DU
